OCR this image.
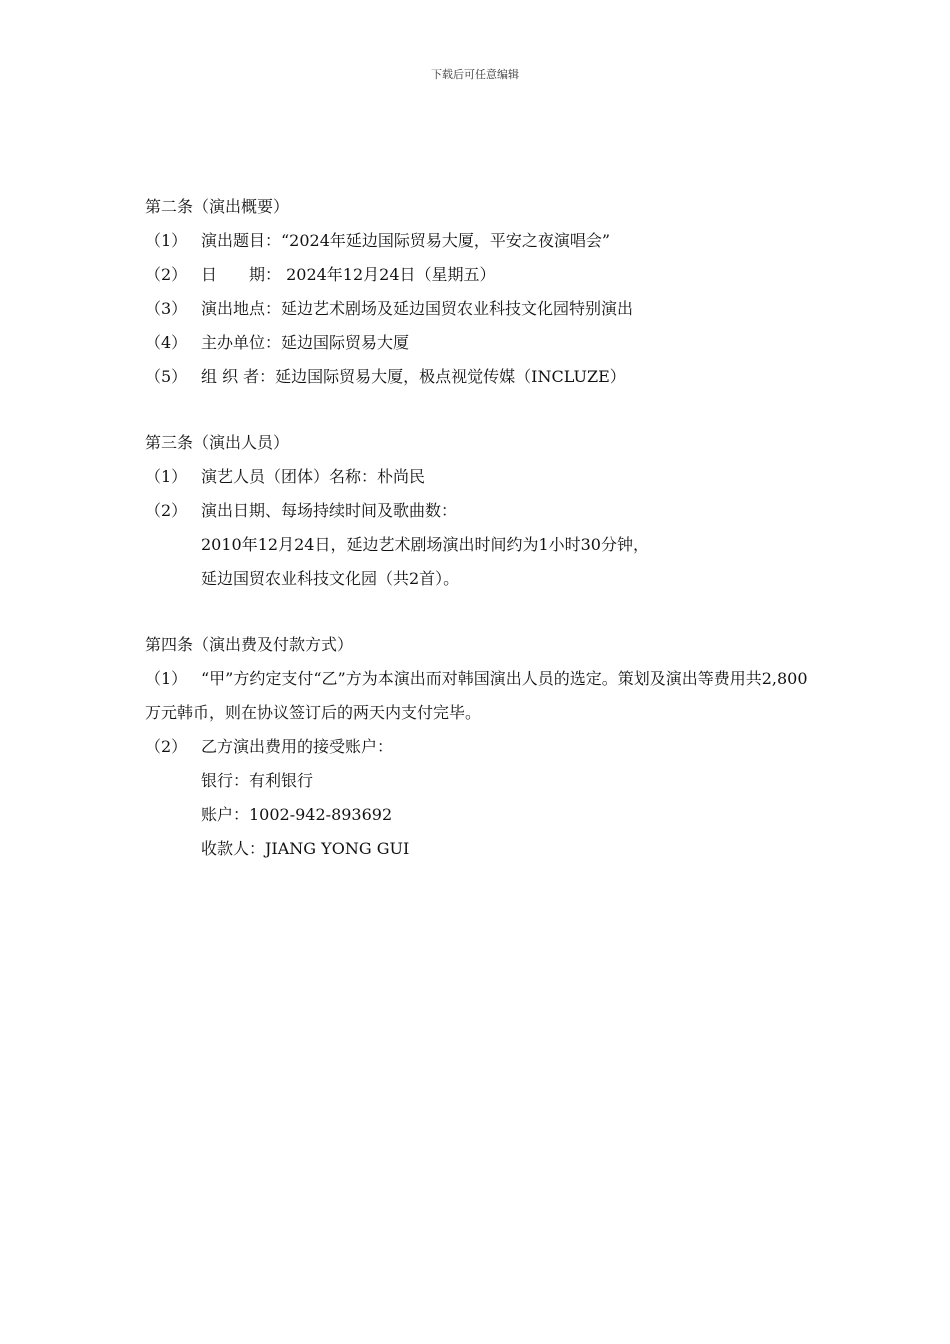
下载后可任意编辑
第二条（演出概要）
（1） 演出题目：“2024年延边国际贸易大厦，平安之夜演唱会”
（2） 日　　期： 2024年12月24日（星期五）
（3） 演出地点：延边艺术剧场及延边国贸农业科技文化园特别演出
（4） 主办单位：延边国际贸易大厦
（5） 组 织 者：延边国际贸易大厦，极点视觉传媒（INCLUZE）
第三条（演出人员）
（1） 演艺人员（团体）名称：朴尚民
（2） 演出日期、每场持续时间及歌曲数：
2010年12月24日，延边艺术剧场演出时间约为1小时30分钟，
延边国贸农业科技文化园（共2首）。
第四条（演出费及付款方式）
（1） “甲”方约定支付“乙”方为本演出而对韩国演出人员的选定。策划及演出等费用共2,800万元韩币，则在协议签订后的两天内支付完毕。
（2） 乙方演出费用的接受账户：
银行：有利银行
账户：1002-942-893692
收款人：JIANG YONG GUI
